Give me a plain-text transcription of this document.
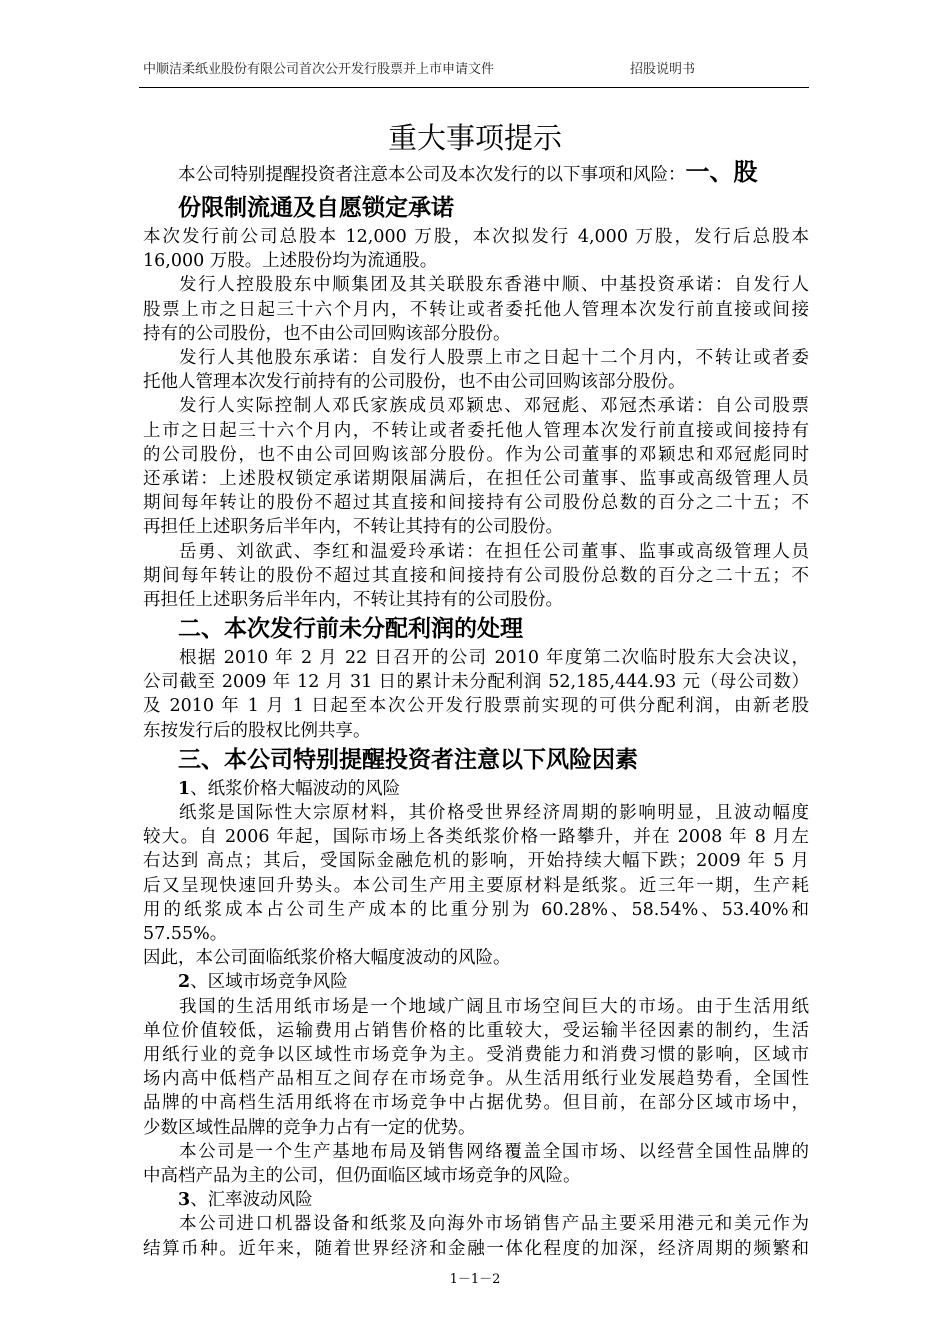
中顺洁柔纸业股份有限公司首次公开发行股票并上市申请文件	招股说明书
重大事项提示
本公司特别提醒投资者注意本公司及本次发行的以下事项和风险：一、股
份限制流通及自愿锁定承诺
本次发行前公司总股本 12,000 万股，本次拟发行 4,000 万股，发行后总股本
16,000 万股。上述股份均为流通股。
发行人控股股东中顺集团及其关联股东香港中顺、中基投资承诺：自发行人
股票上市之日起三十六个月内，不转让或者委托他人管理本次发行前直接或间接
持有的公司股份，也不由公司回购该部分股份。
发行人其他股东承诺：自发行人股票上市之日起十二个月内，不转让或者委
托他人管理本次发行前持有的公司股份，也不由公司回购该部分股份。
发行人实际控制人邓氏家族成员邓颖忠、邓冠彪、邓冠杰承诺：自公司股票
上市之日起三十六个月内，不转让或者委托他人管理本次发行前直接或间接持有
的公司股份，也不由公司回购该部分股份。作为公司董事的邓颖忠和邓冠彪同时
还承诺：上述股权锁定承诺期限届满后，在担任公司董事、监事或高级管理人员
期间每年转让的股份不超过其直接和间接持有公司股份总数的百分之二十五；不
再担任上述职务后半年内，不转让其持有的公司股份。
岳勇、刘欲武、李红和温爱玲承诺：在担任公司董事、监事或高级管理人员
期间每年转让的股份不超过其直接和间接持有公司股份总数的百分之二十五；不
再担任上述职务后半年内，不转让其持有的公司股份。
二、本次发行前未分配利润的处理
根据 2010 年 2 月 22 日召开的公司 2010 年度第二次临时股东大会决议，
公司截至 2009 年 12 月 31 日的累计未分配利润 52,185,444.93 元（母公司数）
及 2010 年 1 月 1 日起至本次公开发行股票前实现的可供分配利润，由新老股
东按发行后的股权比例共享。
三、本公司特别提醒投资者注意以下风险因素
1、纸浆价格大幅波动的风险
纸浆是国际性大宗原材料，其价格受世界经济周期的影响明显，且波动幅度
较大。自 2006 年起，国际市场上各类纸浆价格一路攀升，并在 2008 年 8 月左
右达到 高点；其后，受国际金融危机的影响，开始持续大幅下跌；2009 年 5 月
后又呈现快速回升势头。本公司生产用主要原材料是纸浆。近三年一期，生产耗
用的纸浆成本占公司生产成本的比重分别为 60.28%、58.54%、53.40%和
57.55%。
因此，本公司面临纸浆价格大幅度波动的风险。
2、区域市场竞争风险
我国的生活用纸市场是一个地域广阔且市场空间巨大的市场。由于生活用纸
单位价值较低，运输费用占销售价格的比重较大，受运输半径因素的制约，生活
用纸行业的竞争以区域性市场竞争为主。受消费能力和消费习惯的影响，区域市
场内高中低档产品相互之间存在市场竞争。从生活用纸行业发展趋势看，全国性
品牌的中高档生活用纸将在市场竞争中占据优势。但目前，在部分区域市场中，
少数区域性品牌的竞争力占有一定的优势。
本公司是一个生产基地布局及销售网络覆盖全国市场、以经营全国性品牌的
中高档产品为主的公司，但仍面临区域市场竞争的风险。
3、汇率波动风险
本公司进口机器设备和纸浆及向海外市场销售产品主要采用港元和美元作为
结算币种。近年来，随着世界经济和金融一体化程度的加深，经济周期的频繁和
1－1－2
